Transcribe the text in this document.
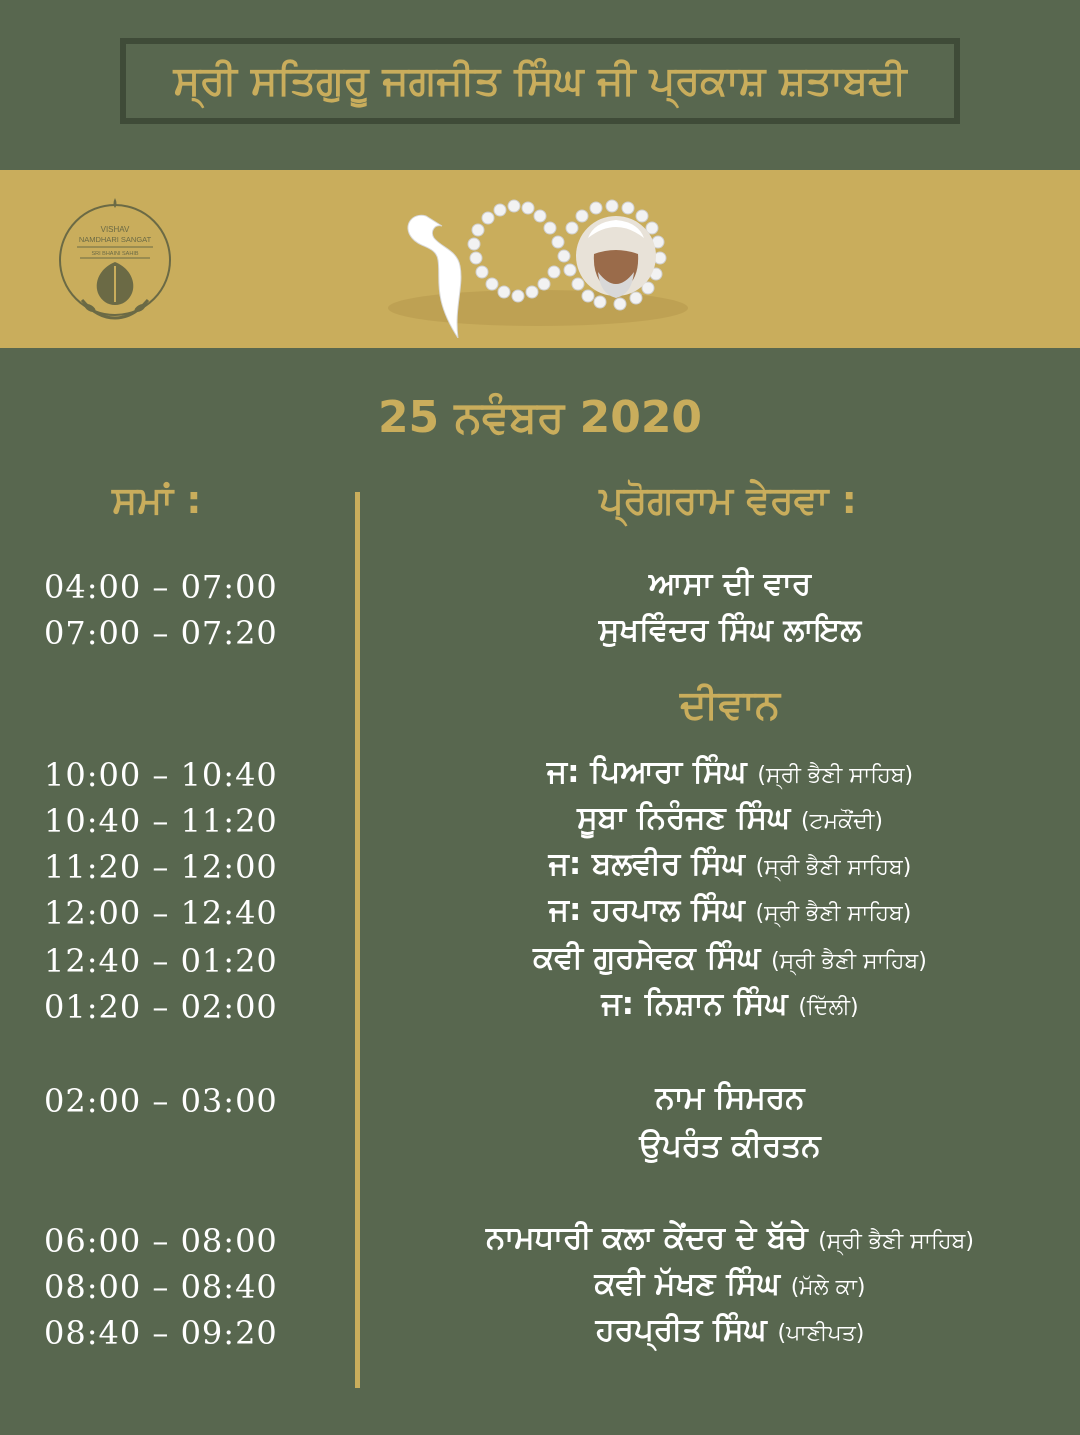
ਸ੍ਰੀ ਸਤਿਗੁਰੂ ਜਗਜੀਤ ਸਿੰਘ ਜੀ ਪ੍ਰਕਾਸ਼ ਸ਼ਤਾਬਦੀ
VISHAV
NAMDHARI SANGAT
SRI BHAINI SAHIB
25 ਨਵੰਬਰ 2020
ਸਮਾਂ :	ਪ੍ਰੋਗਰਾਮ ਵੇਰਵਾ :
04:00 – 07:00	ਆਸਾ ਦੀ ਵਾਰ
07:00 – 07:20	ਸੁਖਵਿੰਦਰ ਸਿੰਘ ਲਾਇਲ
ਦੀਵਾਨ
10:00 – 10:40	ਜ: ਪਿਆਰਾ ਸਿੰਘ (ਸ੍ਰੀ ਭੈਣੀ ਸਾਹਿਬ)
10:40 – 11:20	ਸੂਬਾ ਨਿਰੰਜਣ ਸਿੰਘ (ਟਮਕੌਂਦੀ)
11:20 – 12:00	ਜ: ਬਲਵੀਰ ਸਿੰਘ (ਸ੍ਰੀ ਭੈਣੀ ਸਾਹਿਬ)
12:00 – 12:40	ਜ: ਹਰਪਾਲ ਸਿੰਘ (ਸ੍ਰੀ ਭੈਣੀ ਸਾਹਿਬ)
12:40 – 01:20	ਕਵੀ ਗੁਰਸੇਵਕ ਸਿੰਘ (ਸ੍ਰੀ ਭੈਣੀ ਸਾਹਿਬ)
01:20 – 02:00	ਜ: ਨਿਸ਼ਾਨ ਸਿੰਘ (ਦਿੱਲੀ)
02:00 – 03:00	ਨਾਮ ਸਿਮਰਨ
ਉਪਰੰਤ ਕੀਰਤਨ
06:00 – 08:00	ਨਾਮਧਾਰੀ ਕਲਾ ਕੇਂਦਰ ਦੇ ਬੱਚੇ (ਸ੍ਰੀ ਭੈਣੀ ਸਾਹਿਬ)
08:00 – 08:40	ਕਵੀ ਮੱਖਣ ਸਿੰਘ (ਮੱਲੇ ਕਾ)
08:40 – 09:20	ਹਰਪ੍ਰੀਤ ਸਿੰਘ (ਪਾਣੀਪਤ)
